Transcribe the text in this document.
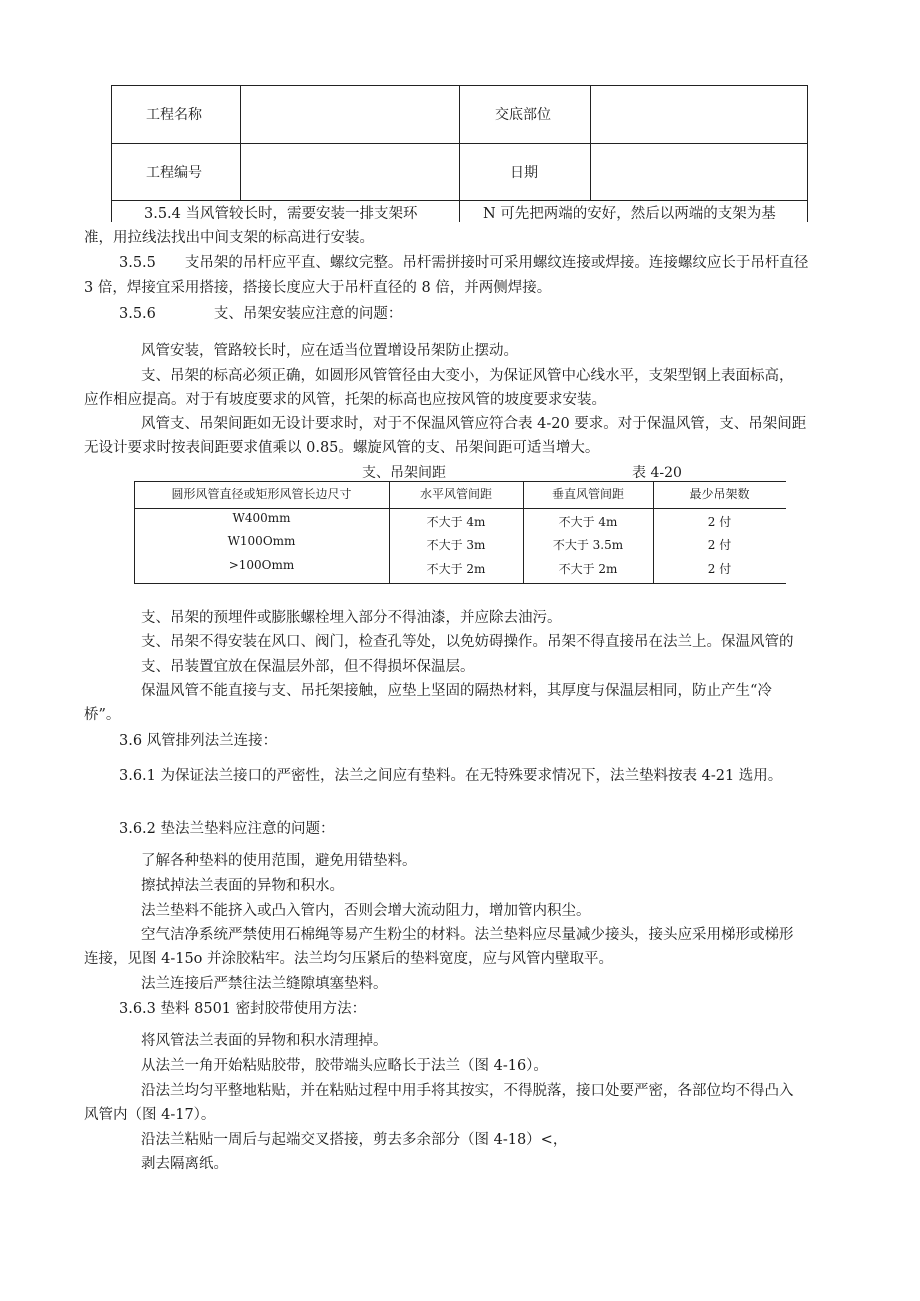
工程名称	交底部位
工程编号	日期
3.5.4 当风管较长时，需要安装一排支架环	N 可先把两端的安好，然后以两端的支架为基
准，用拉线法找出中间支架的标高进行安装。
3.5.5　　支吊架的吊杆应平直、螺纹完整。吊杆需拼接时可采用螺纹连接或焊接。连接螺纹应长于吊杆直径
3 倍，焊接宜采用搭接，搭接长度应大于吊杆直径的 8 倍，并两侧焊接。
3.5.6　　　　支、吊架安装应注意的问题：
风管安装，管路较长时，应在适当位置增设吊架防止摆动。
支、吊架的标高必须正确，如圆形风管管径由大变小，为保证风管中心线水平，支架型钢上表面标高，
应作相应提高。对于有坡度要求的风管，托架的标高也应按风管的坡度要求安装。
风管支、吊架间距如无设计要求时，对于不保温风管应符合表 4-20 要求。对于保温风管，支、吊架间距
无设计要求时按表间距要求值乘以 0.85。螺旋风管的支、吊架间距可适当增大。
支、吊架间距	表 4-20
圆形风管直径或矩形风管长边尺寸	水平风管间距	垂直风管间距	最少吊架数
W400mm	不大于 4m	不大于 4m	2 付
W100Omm	不大于 3m	不大于 3.5m	2 付
>100Omm	不大于 2m	不大于 2m	2 付
支、吊架的预埋件或膨胀螺栓埋入部分不得油漆，并应除去油污。
支、吊架不得安装在风口、阀门，检查孔等处，以免妨碍操作。吊架不得直接吊在法兰上。保温风管的
支、吊装置宜放在保温层外部，但不得损坏保温层。
保温风管不能直接与支、吊托架接触，应垫上坚固的隔热材料，其厚度与保温层相同，防止产生“冷
桥”。
3.6 风管排列法兰连接：
3.6.1 为保证法兰接口的严密性，法兰之间应有垫料。在无特殊要求情况下，法兰垫料按表 4-21 选用。
3.6.2 垫法兰垫料应注意的问题：
了解各种垫料的使用范围，避免用错垫料。
擦拭掉法兰表面的异物和积水。
法兰垫料不能挤入或凸入管内，否则会增大流动阻力，增加管内积尘。
空气洁净系统严禁使用石棉绳等易产生粉尘的材料。法兰垫料应尽量减少接头，接头应采用梯形或梯形
连接，见图 4-15o 并涂胶粘牢。法兰均匀压紧后的垫料宽度，应与风管内壁取平。
法兰连接后严禁往法兰缝隙填塞垫料。
3.6.3 垫料 8501 密封胶带使用方法：
将风管法兰表面的异物和积水清理掉。
从法兰一角开始粘贴胶带，胶带端头应略长于法兰（图 4-16）。
沿法兰均匀平整地粘贴，并在粘贴过程中用手将其按实，不得脱落，接口处要严密，各部位均不得凸入
风管内（图 4-17）。
沿法兰粘贴一周后与起端交叉搭接，剪去多余部分（图 4-18）<，
剥去隔离纸。
